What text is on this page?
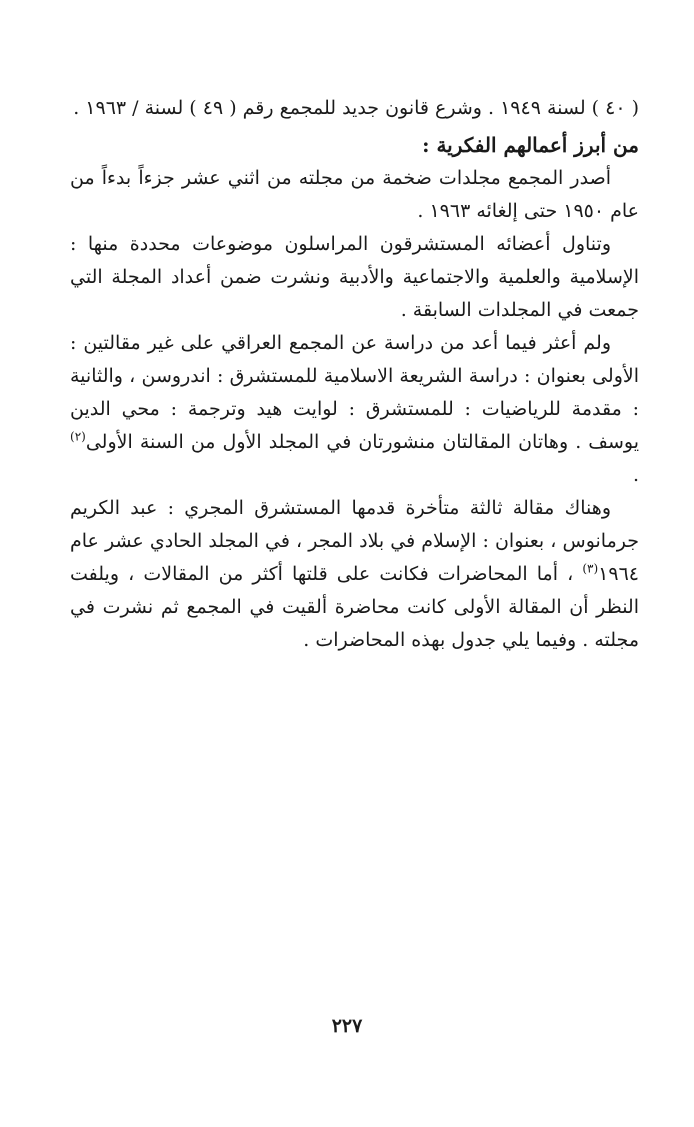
( ٤٠ ) لسنة ١٩٤٩ . وشرع قانون جديد للمجمع رقم ( ٤٩ ) لسنة / ١٩٦٣ .

من أبرز أعمالهم الفكرية :

أصدر المجمع مجلدات ضخمة من مجلته من اثني عشر جزءاً بدءاً من عام ١٩٥٠ حتى إلغائه ١٩٦٣ .

وتناول أعضائه المستشرقون المراسلون موضوعات محددة منها : الإسلامية والعلمية والاجتماعية والأدبية ونشرت ضمن أعداد المجلة التي جمعت في المجلدات السابقة .

ولم أعثر فيما أعد من دراسة عن المجمع العراقي على غير مقالتين : الأولى بعنوان : دراسة الشريعة الاسلامية للمستشرق : اندروسن ، والثانية : مقدمة للرياضيات : للمستشرق : لوايت هيد وترجمة : محي الدين يوسف . وهاتان المقالتان منشورتان في المجلد الأول من السنة الأولى$^{(٢)}$ .

وهناك مقالة ثالثة متأخرة قدمها المستشرق المجري : عبد الكريم جرمانوس ، بعنوان : الإسلام في بلاد المجر ، في المجلد الحادي عشر عام ١٩٦٤$^{(٣)}$ ، أما المحاضرات فكانت على قلتها أكثر من المقالات ، ويلفت النظر أن المقالة الأولى كانت محاضرة ألقيت في المجمع ثم نشرت في مجلته . وفيما يلي جدول بهذه المحاضرات .

٢٢٧
